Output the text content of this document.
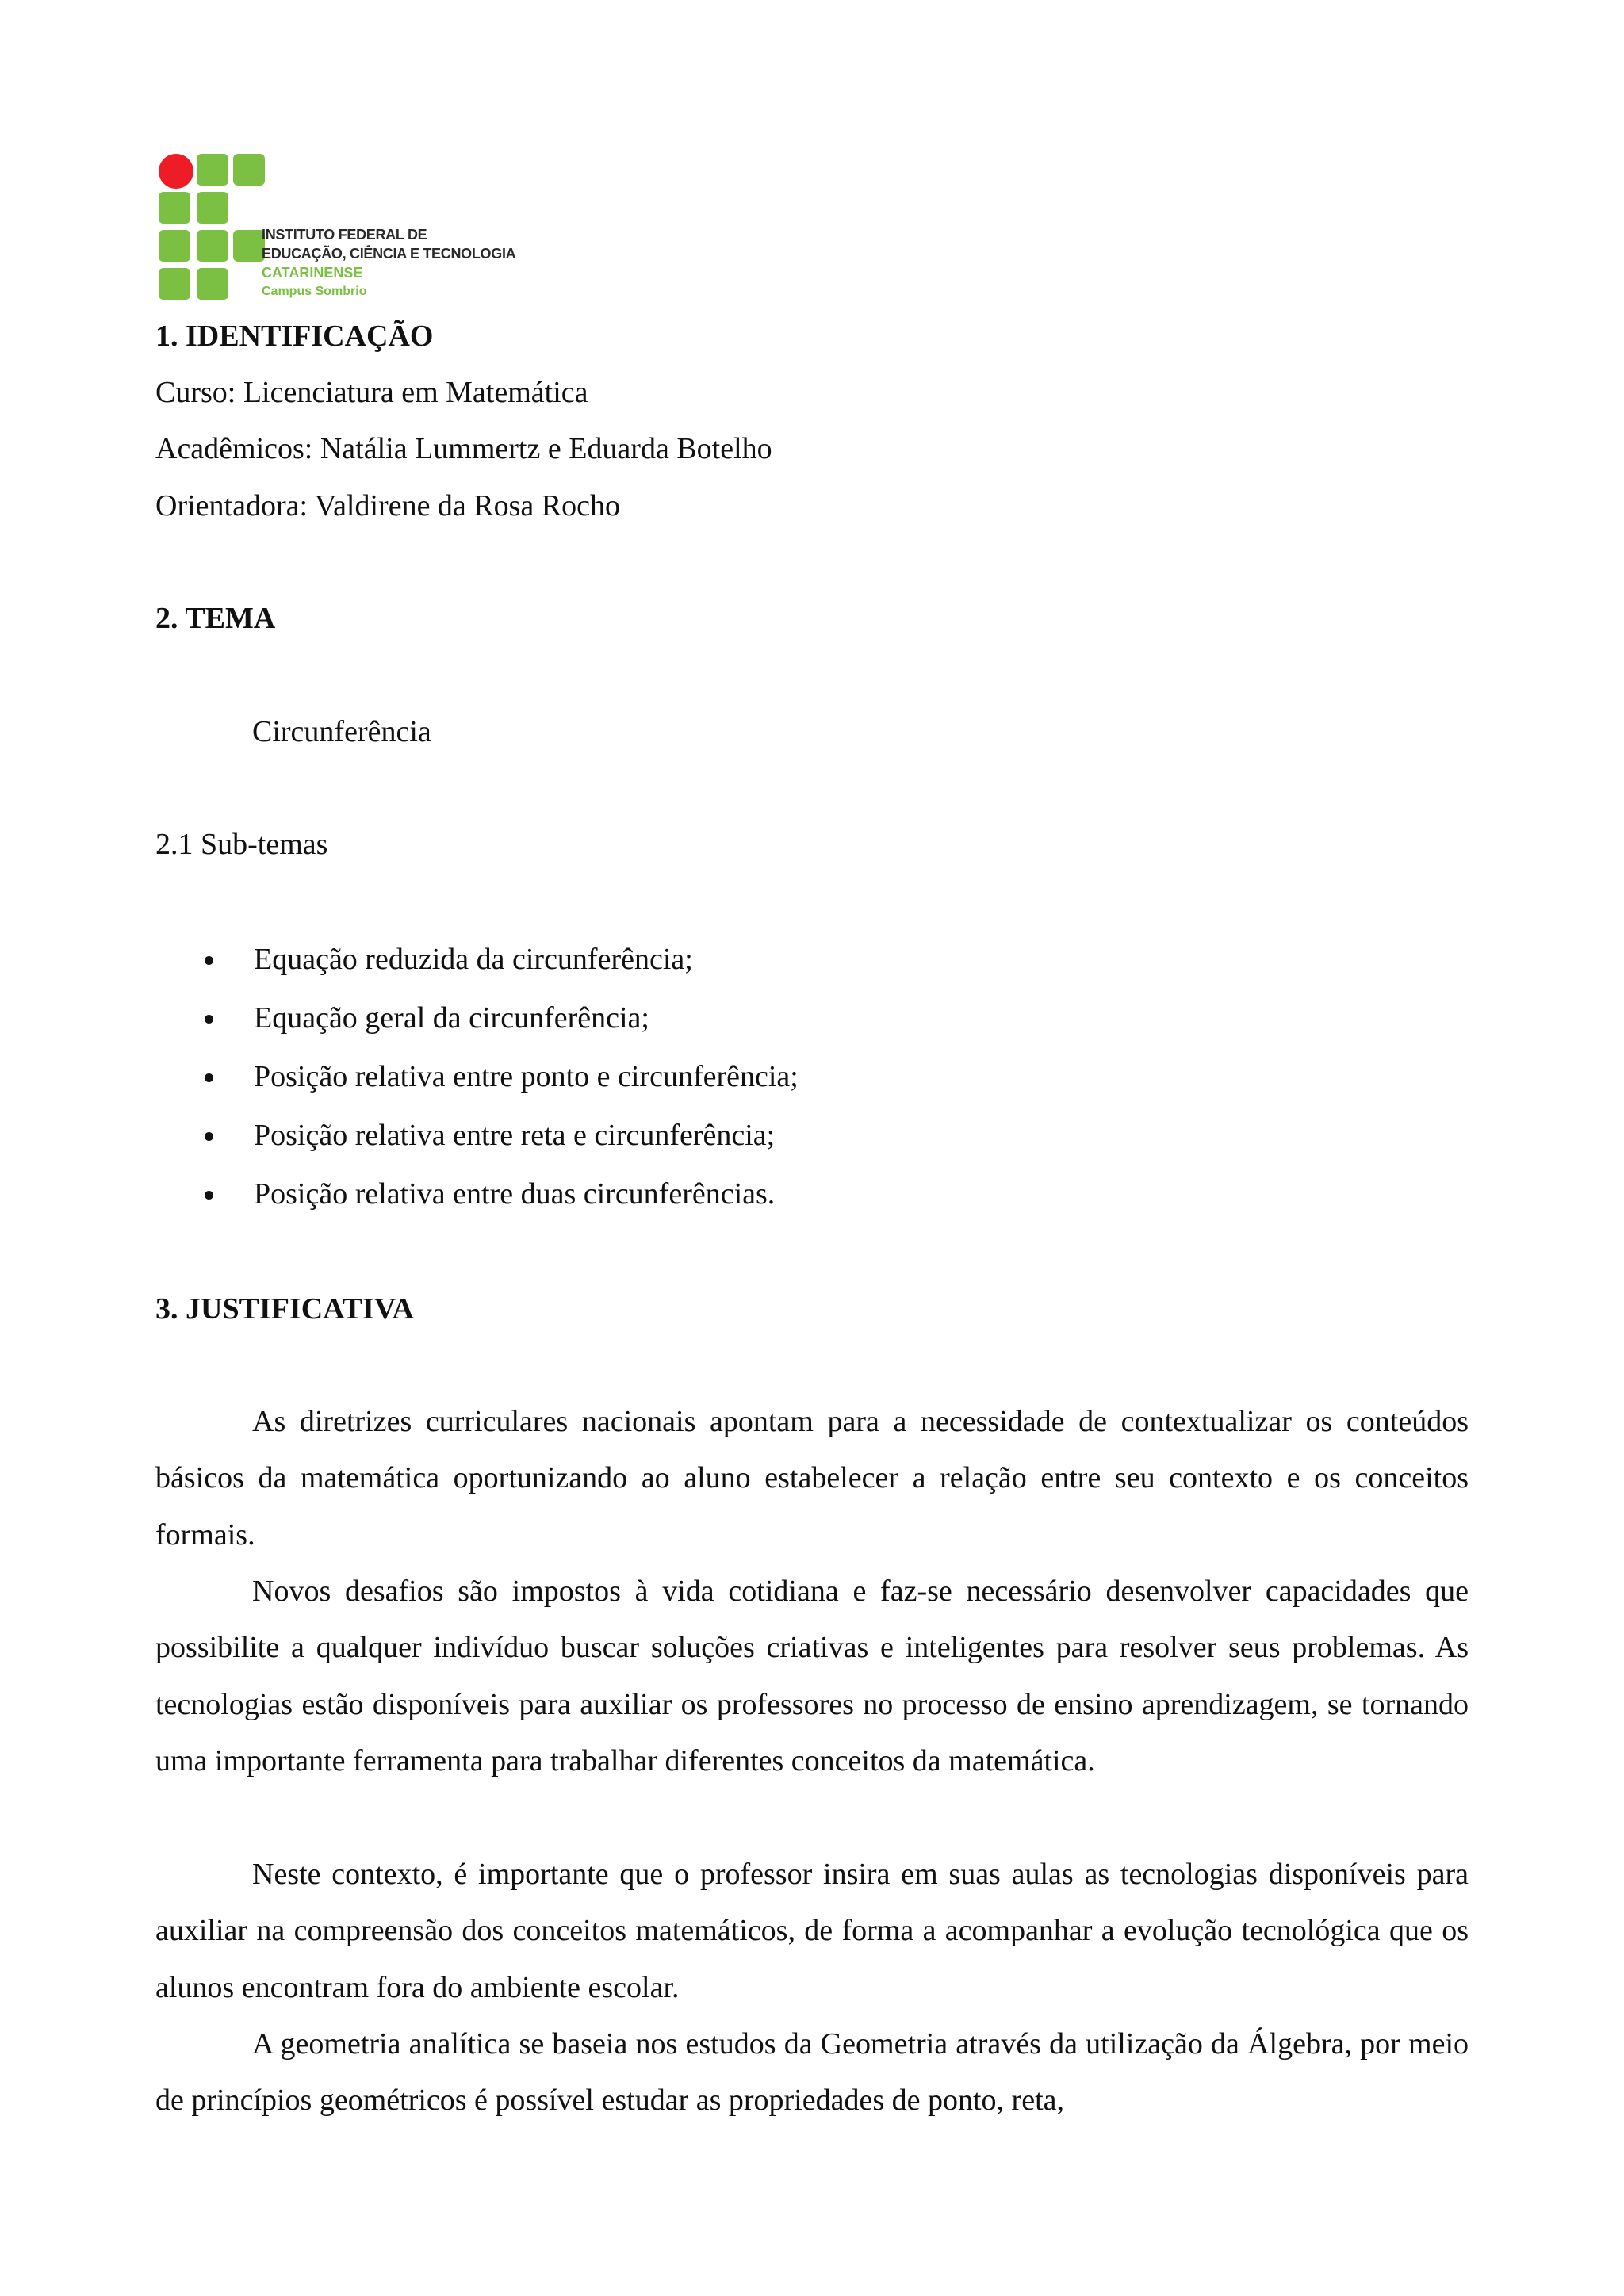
INSTITUTO FEDERAL DE
EDUCAÇÃO, CIÊNCIA E TECNOLOGIA
CATARINENSE
Campus Sombrio
1. IDENTIFICAÇÃO
Curso: Licenciatura em Matemática
Acadêmicos: Natália Lummertz e Eduarda Botelho
Orientadora: Valdirene da Rosa Rocho
2. TEMA
Circunferência
2.1 Sub-temas
Equação reduzida da circunferência;
Equação geral da circunferência;
Posição relativa entre ponto e circunferência;
Posição relativa entre reta e circunferência;
Posição relativa entre duas circunferências.
3. JUSTIFICATIVA
As diretrizes curriculares nacionais apontam para a necessidade de contextualizar os conteúdos básicos da matemática oportunizando ao aluno estabelecer a relação entre seu contexto e os conceitos formais.
Novos desafios são impostos à vida cotidiana e faz-se necessário desenvolver capacidades que possibilite a qualquer indivíduo buscar soluções criativas e inteligentes para resolver seus problemas. As tecnologias estão disponíveis para auxiliar os professores no processo de ensino aprendizagem, se tornando uma importante ferramenta para trabalhar diferentes conceitos da matemática.
Neste contexto, é importante que o professor insira em suas aulas as tecnologias disponíveis para auxiliar na compreensão dos conceitos matemáticos, de forma a acompanhar a evolução tecnológica que os alunos encontram fora do ambiente escolar.
A geometria analítica se baseia nos estudos da Geometria através da utilização da Álgebra, por meio de princípios geométricos é possível estudar as propriedades de ponto, reta,
